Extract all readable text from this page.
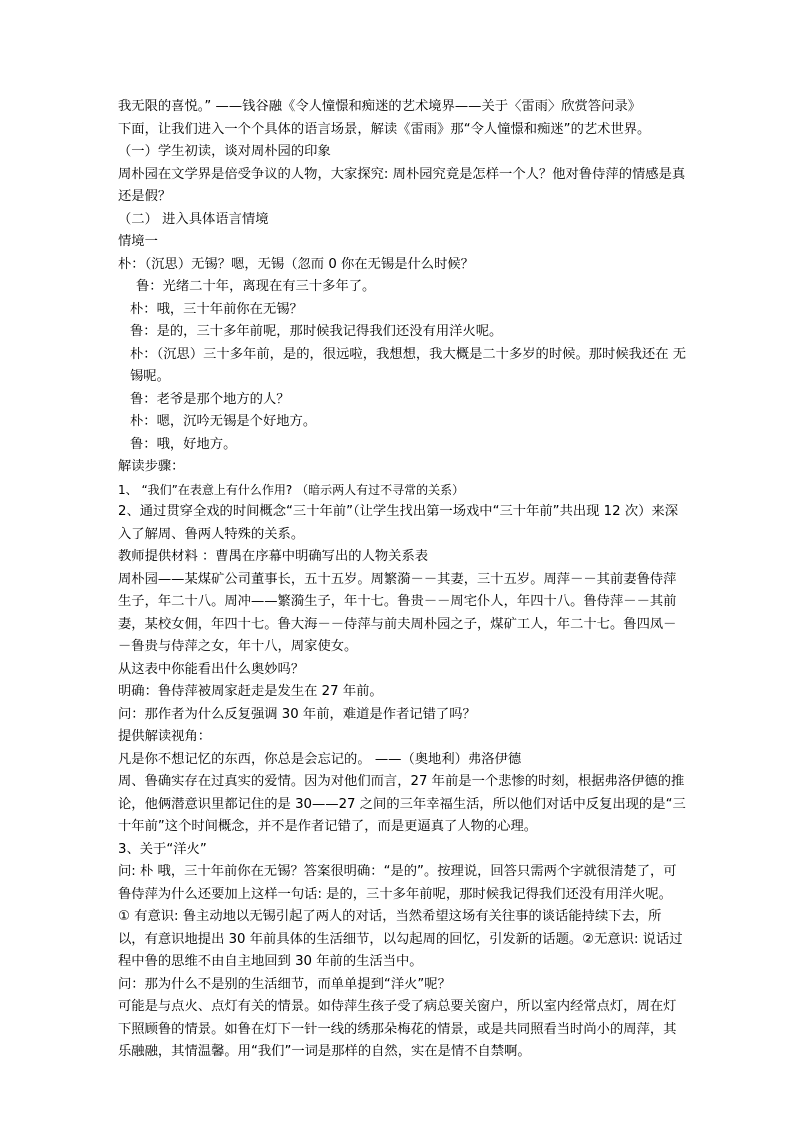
我无限的喜悦。” ——钱谷融《令人憧憬和痴迷的艺术境界——关于〈雷雨〉欣赏答问录》

下面，让我们进入一个个具体的语言场景，解读《雷雨》那“令人憧憬和痴迷”的艺术世界。

（一）学生初读，谈对周朴园的印象

周朴园在文学界是倍受争议的人物，大家探究: 周朴园究竟是怎样一个人？他对鲁侍萍的情感是真还是假？

（二） 进入具体语言情境

情境一

朴：（沉思）无锡？嗯，无锡（忽而 0 你在无锡是什么时候？

鲁：光绪二十年，离现在有三十多年了。

朴：哦，三十年前你在无锡？

鲁：是的，三十多年前呢，那时候我记得我们还没有用洋火呢。

朴：（沉思）三十多年前，是的，很远啦，我想想，我大概是二十多岁的时候。那时候我还在 无锡呢。

鲁：老爷是那个地方的人？

朴：嗯，沉吟无锡是个好地方。

鲁：哦，好地方。

解读步骤：

1、 “我们”在表意上有什么作用? （暗示两人有过不寻常的关系）

2、通过贯穿全戏的时间概念“三十年前”（让学生找出第一场戏中“三十年前”共出现 12 次）来深入了解周、鲁两人特殊的关系。

教师提供材料 ：曹禺在序幕中明确写出的人物关系表

周朴园——某煤矿公司董事长，五十五岁。周繁漪－－其妻，三十五岁。周萍－－其前妻鲁侍萍生子，年二十八。周冲——繁漪生子，年十七。鲁贵－－周宅仆人，年四十八。鲁侍萍－－其前妻，某校女佣，年四十七。鲁大海－－侍萍与前夫周朴园之子，煤矿工人，年二十七。鲁四凤－－鲁贵与侍萍之女，年十八，周家使女。

从这表中你能看出什么奥妙吗？

明确：鲁侍萍被周家赶走是发生在 27 年前。

问：那作者为什么反复强调 30 年前，难道是作者记错了吗？

提供解读视角：

凡是你不想记忆的东西，你总是会忘记的。 ——（奥地利）弗洛伊德

周、鲁确实存在过真实的爱情。因为对他们而言，27 年前是一个悲惨的时刻，根据弗洛伊德的推论，他俩潜意识里都记住的是 30——27 之间的三年幸福生活，所以他们对话中反复出现的是“三十年前”这个时间概念，并不是作者记错了，而是更逼真了人物的心理。

3、关于“洋火”

问: 朴 哦，三十年前你在无锡？答案很明确：“是的”。按理说，回答只需两个字就很清楚了，可鲁侍萍为什么还要加上这样一句话: 是的，三十多年前呢，那时候我记得我们还没有用洋火呢。

① 有意识: 鲁主动地以无锡引起了两人的对话，当然希望这场有关往事的谈话能持续下去，所以，有意识地提出 30 年前具体的生活细节，以勾起周的回忆，引发新的话题。②无意识: 说话过程中鲁的思维不由自主地回到 30 年前的生活当中。

问：那为什么不是别的生活细节，而单单提到“洋火”呢？

可能是与点火、点灯有关的情景。如侍萍生孩子受了病总要关窗户，所以室内经常点灯，周在灯下照顾鲁的情景。如鲁在灯下一针一线的绣那朵梅花的情景，或是共同照看当时尚小的周萍，其乐融融，其情温馨。用“我们”一词是那样的自然，实在是情不自禁啊。
